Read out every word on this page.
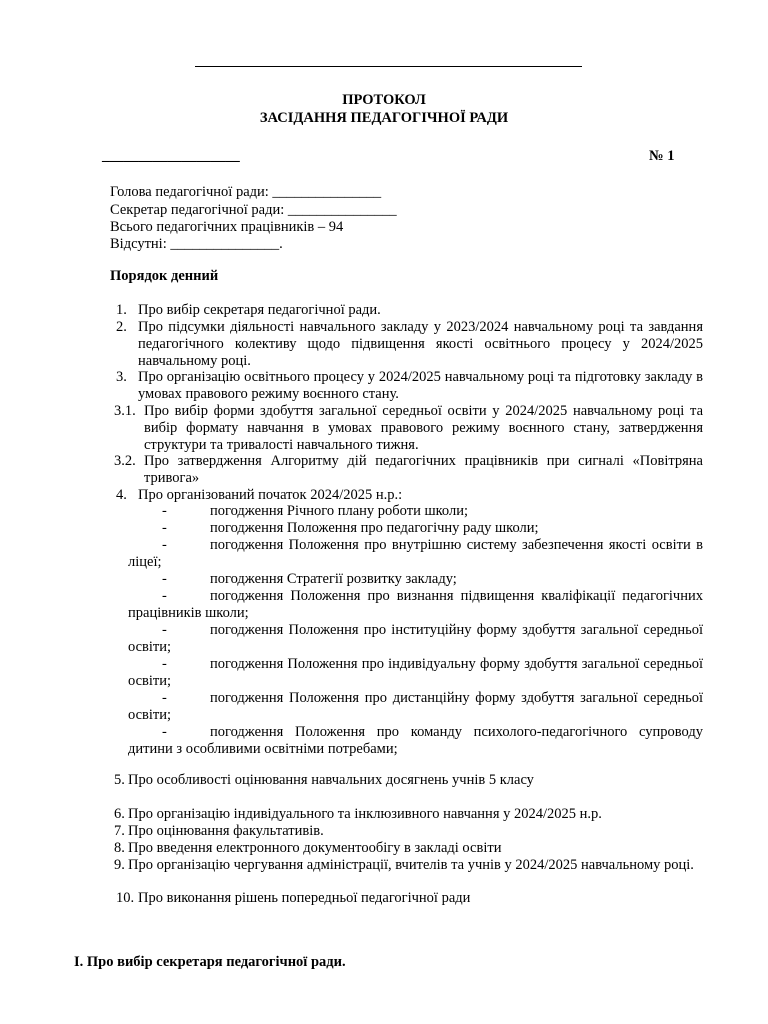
ПРОТОКОЛ
ЗАСІДАННЯ ПЕДАГОГІЧНОЇ РАДИ
___________________	№ 1
Голова педагогічної ради: _______________
Секретар педагогічної ради: _______________
Всього педагогічних працівників – 94
Відсутні: _______________.
Порядок денний
1. Про вибір секретаря педагогічної ради.
2. Про підсумки діяльності навчального закладу у 2023/2024 навчальному році та завдання педагогічного колективу щодо підвищення якості освітнього процесу у 2024/2025 навчальному році.
3. Про організацію освітнього процесу у 2024/2025 навчальному році та підготовку закладу в умовах правового режиму воєнного стану.
3.1. Про вибір форми здобуття загальної середньої освіти у 2024/2025 навчальному році та вибір формату навчання в умовах правового режиму воєнного стану, затвердження структури та тривалості навчального тижня.
3.2. Про затвердження Алгоритму дій педагогічних працівників при сигналі «Повітряна тривога»
4. Про організований початок 2024/2025 н.р.:
-	погодження Річного плану роботи школи;
-	погодження Положення про педагогічну раду школи;
-	погодження Положення про внутрішню систему забезпечення якості освіти в ліцеї;
-	погодження Стратегії розвитку закладу;
-	погодження Положення про визнання підвищення кваліфікації педагогічних працівників школи;
-	погодження Положення про інституційну форму здобуття загальної середньої освіти;
-	погодження Положення про індивідуальну форму здобуття загальної середньої освіти;
-	погодження Положення про дистанційну форму здобуття загальної середньої освіти;
-	погодження Положення про команду психолого-педагогічного супроводу дитини з особливими освітніми потребами;
5. Про особливості оцінювання навчальних досягнень учнів 5 класу
6. Про організацію індивідуального та інклюзивного навчання у 2024/2025 н.р.
7. Про оцінювання факультативів.
8. Про введення електронного документообігу в закладі освіти
9. Про організацію чергування адміністрації, вчителів та учнів у 2024/2025 навчальному році.
10. Про виконання рішень попередньої педагогічної ради
І. Про вибір секретаря педагогічної ради.
